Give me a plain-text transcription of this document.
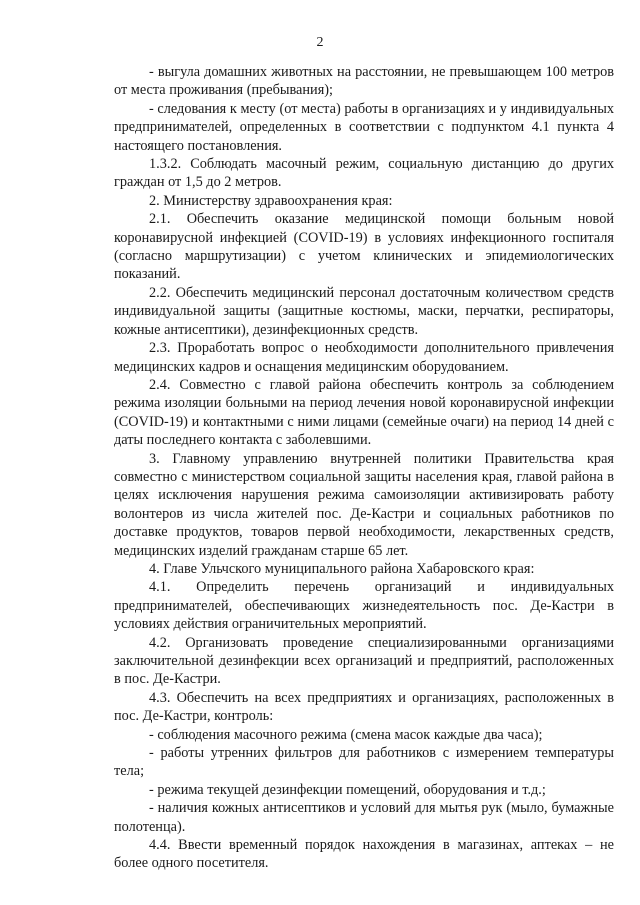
2

- выгула домашних животных на расстоянии, не превышающем 100 метров от места проживания (пребывания);

- следования к месту (от места) работы в организациях и у индивидуальных предпринимателей, определенных в соответствии с подпунктом 4.1 пункта 4 настоящего постановления.

1.3.2. Соблюдать масочный режим, социальную дистанцию до других граждан от 1,5 до 2 метров.

2. Министерству здравоохранения края:

2.1. Обеспечить оказание медицинской помощи больным новой коронавирусной инфекцией (COVID-19) в условиях инфекционного госпиталя (согласно маршрутизации) с учетом клинических и эпидемиологических показаний.

2.2. Обеспечить медицинский персонал достаточным количеством средств индивидуальной защиты (защитные костюмы, маски, перчатки, респираторы, кожные антисептики), дезинфекционных средств.

2.3. Проработать вопрос о необходимости дополнительного привлечения медицинских кадров и оснащения медицинским оборудованием.

2.4. Совместно с главой района обеспечить контроль за соблюдением режима изоляции больными на период лечения новой коронавирусной инфекции (COVID-19) и контактными с ними лицами (семейные очаги) на период 14 дней с даты последнего контакта с заболевшими.

3. Главному управлению внутренней политики Правительства края совместно с министерством социальной защиты населения края, главой района в целях исключения нарушения режима самоизоляции активизировать работу волонтеров из числа жителей пос. Де-Кастри и социальных работников по доставке продуктов, товаров первой необходимости, лекарственных средств, медицинских изделий гражданам старше 65 лет.

4. Главе Ульчского муниципального района Хабаровского края:

4.1. Определить перечень организаций и индивидуальных предпринимателей, обеспечивающих жизнедеятельность пос. Де-Кастри в условиях действия ограничительных мероприятий.

4.2. Организовать проведение специализированными организациями заключительной дезинфекции всех организаций и предприятий, расположенных в пос. Де-Кастри.

4.3. Обеспечить на всех предприятиях и организациях, расположенных в пос. Де-Кастри, контроль:

- соблюдения масочного режима (смена масок каждые два часа);

- работы утренних фильтров для работников с измерением температуры тела;

- режима текущей дезинфекции помещений, оборудования и т.д.;

- наличия кожных антисептиков и условий для мытья рук (мыло, бумажные полотенца).

4.4. Ввести временный порядок нахождения в магазинах, аптеках – не более одного посетителя.
